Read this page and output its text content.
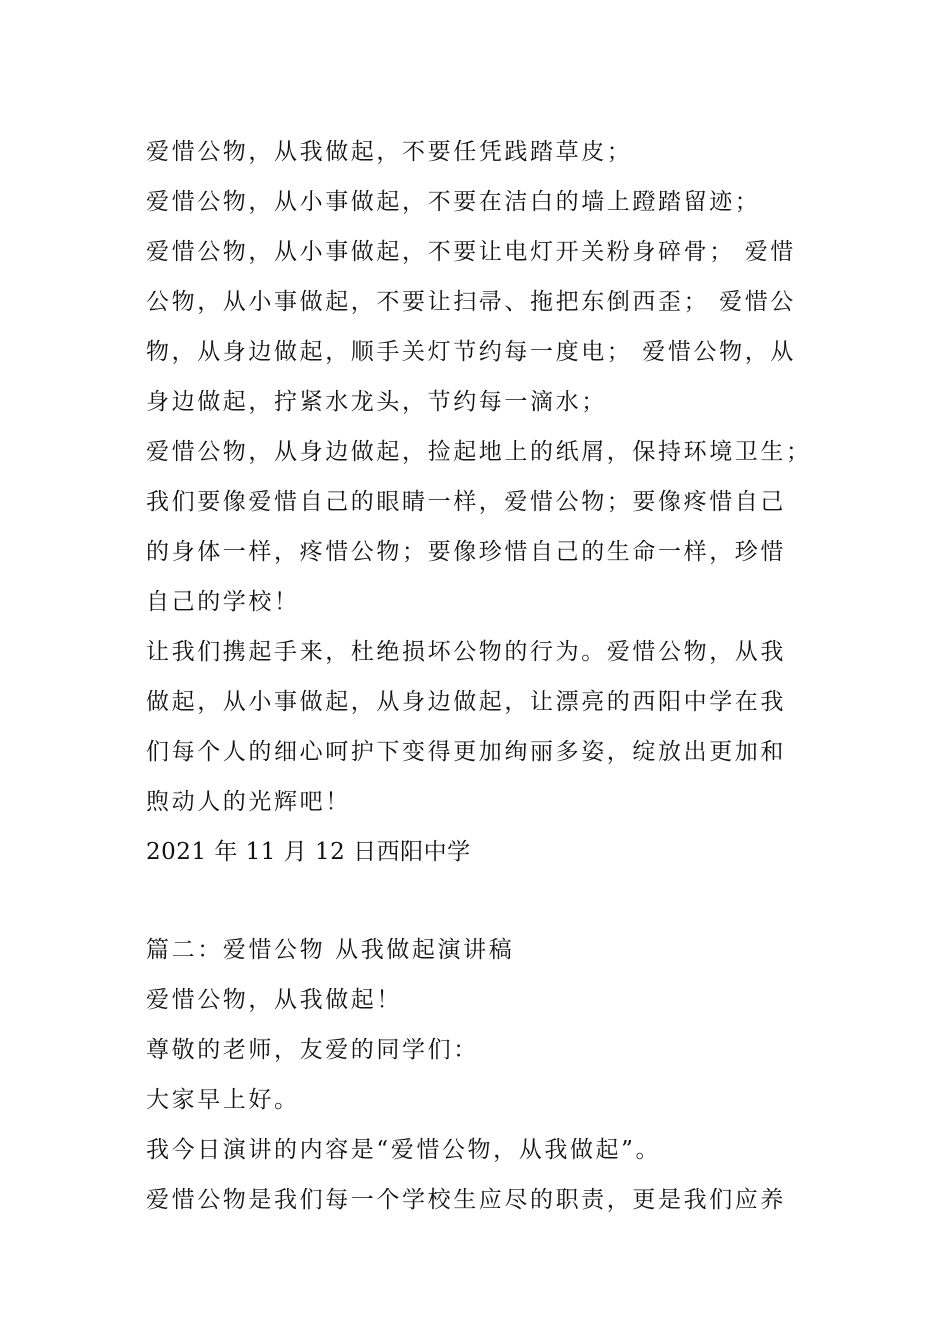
爱惜公物，从我做起，不要任凭践踏草皮；
爱惜公物，从小事做起，不要在洁白的墙上蹬踏留迹；
爱惜公物，从小事做起，不要让电灯开关粉身碎骨； 爱惜
公物，从小事做起，不要让扫帚、拖把东倒西歪； 爱惜公
物，从身边做起，顺手关灯节约每一度电； 爱惜公物，从
身边做起，拧紧水龙头，节约每一滴水；
爱惜公物，从身边做起，捡起地上的纸屑，保持环境卫生；
我们要像爱惜自己的眼睛一样，爱惜公物；要像疼惜自己
的身体一样，疼惜公物；要像珍惜自己的生命一样，珍惜
自己的学校！
让我们携起手来，杜绝损坏公物的行为。爱惜公物，从我
做起，从小事做起，从身边做起，让漂亮的西阳中学在我
们每个人的细心呵护下变得更加绚丽多姿，绽放出更加和
煦动人的光辉吧！
2021 年 11 月 12 日西阳中学
篇二：爱惜公物 从我做起演讲稿
爱惜公物，从我做起！
尊敬的老师，友爱的同学们：
大家早上好。
我今日演讲的内容是“爱惜公物，从我做起”。
爱惜公物是我们每一个学校生应尽的职责，更是我们应养
